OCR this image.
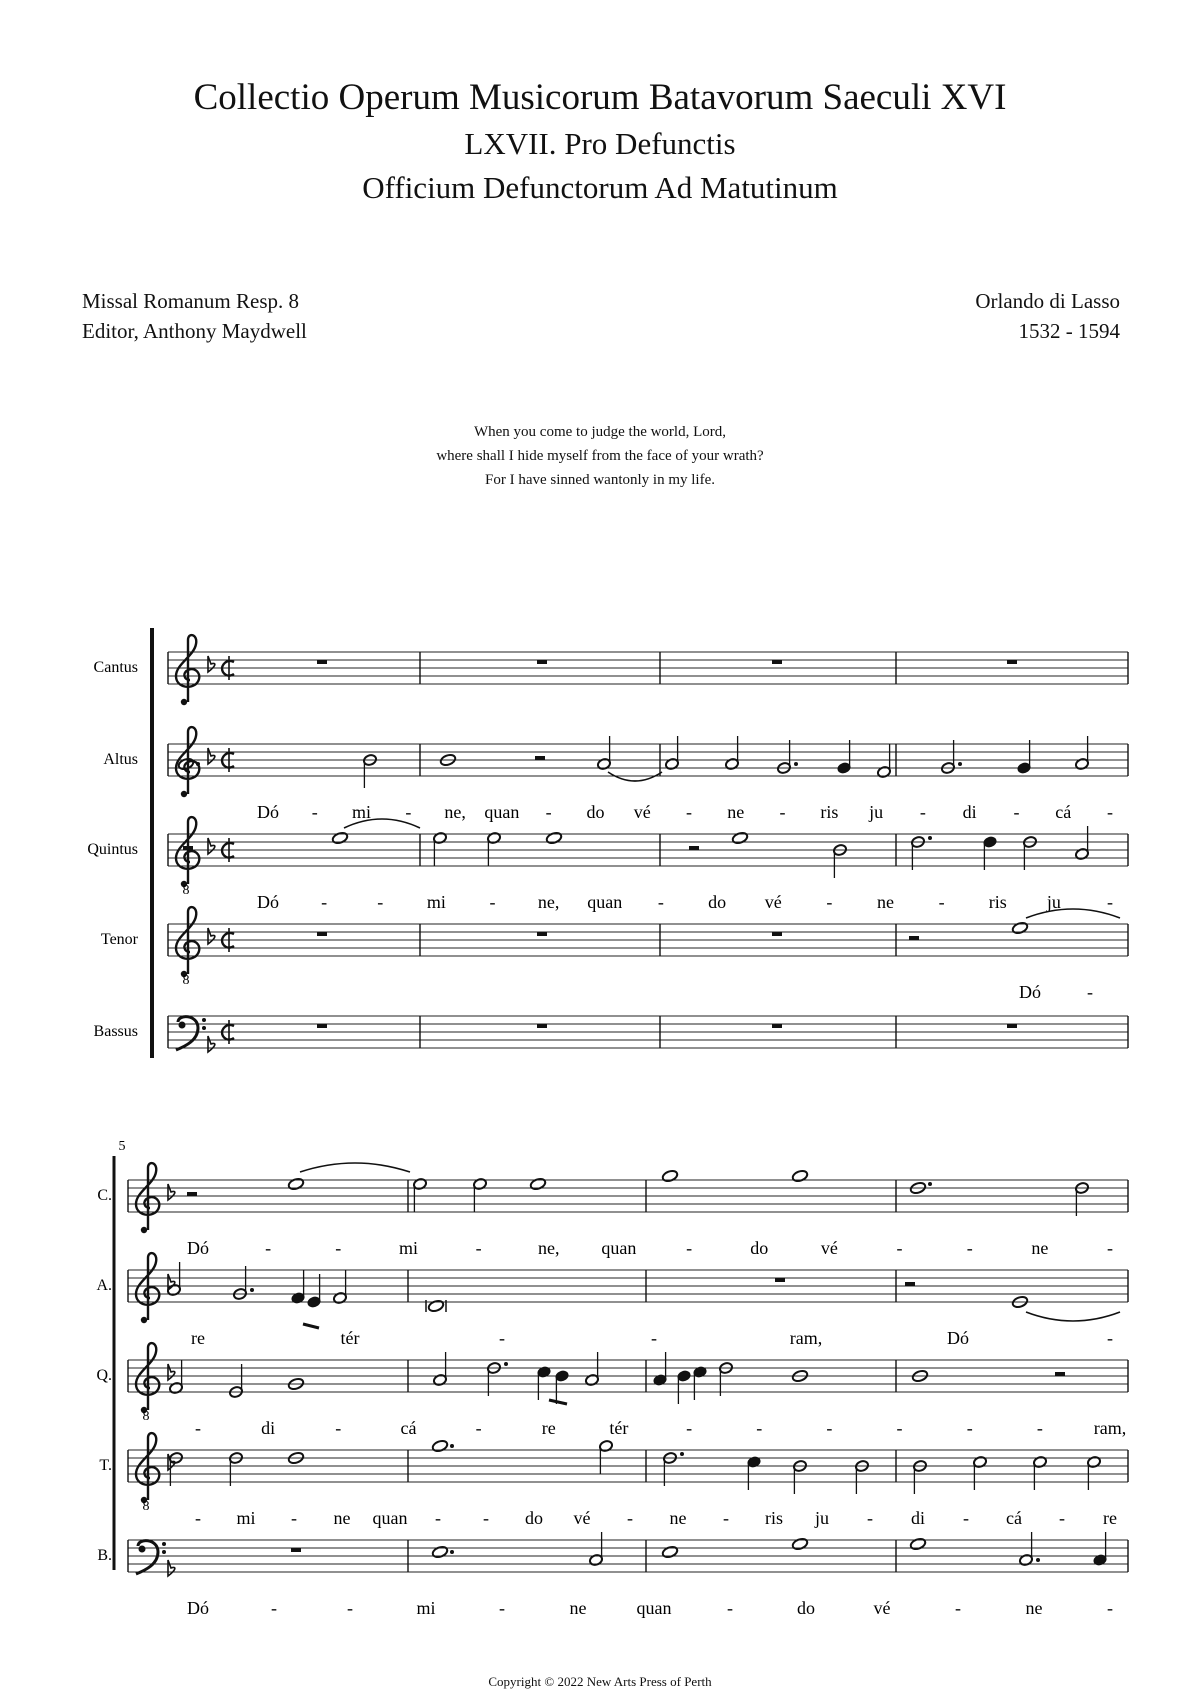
Collectio Operum Musicorum Batavorum Saeculi XVI
LXVII. Pro Defunctis
Officium Defunctorum Ad Matutinum
Missal Romanum Resp. 8
Editor, Anthony Maydwell
Orlando di Lasso
1532 - 1594
When you come to judge the world, Lord,
where shall I hide myself from the face of your wrath?
For I have sinned wantonly in my life.
Cantus
Altus
Dó - mi - ne, quan - do vé - ne - ris ju - di - cá -
Quintus
8
Dó -	- mi - ne, quan - do vé - ne - ris ju	-
Tenor
8
Dó	-
Bassus
5
C.
Dó	-	-	mi	-	ne, quan	-	do	vé	-	-	ne	-
A.
re	tér	-	-	ram,	Dó	-
Q.
8
-	di	-	cá	-	re	tér	-	-	-	-	-	-	ram,
T.
8
- mi - ne quan - - do vé - ne - ris ju - di - cá - re
B.
Dó	-	-	mi	-	ne	quan	-	do	vé	-	ne	-
Copyright © 2022 New Arts Press of Perth
